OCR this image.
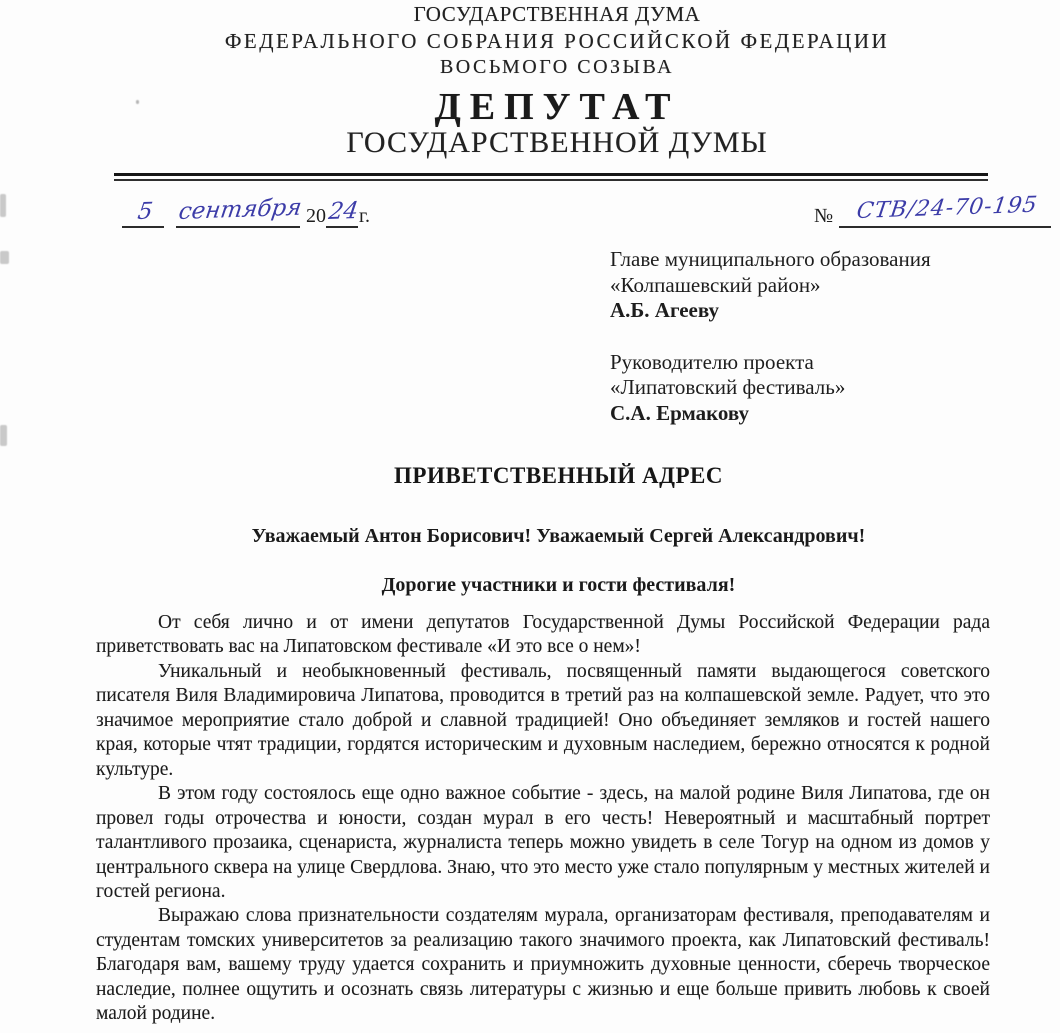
ГОСУДАРСТВЕННАЯ ДУМА
ФЕДЕРАЛЬНОГО СОБРАНИЯ РОССИЙСКОЙ ФЕДЕРАЦИИ
ВОСЬМОГО СОЗЫВА
ДЕПУТАТ
ГОСУДАРСТВЕННОЙ ДУМЫ
5 сентября 2024г.	№ СТВ/24-70-195
Главе муниципального образования
«Колпашевский район»
А.Б. Агееву
Руководителю проекта
«Липатовский фестиваль»
С.А. Ермакову
ПРИВЕТСТВЕННЫЙ АДРЕС
Уважаемый Антон Борисович! Уважаемый Сергей Александрович!
Дорогие участники и гости фестиваля!

От себя лично и от имени депутатов Государственной Думы Российской Федерации рада приветствовать вас на Липатовском фестивале «И это все о нем»!

Уникальный и необыкновенный фестиваль, посвященный памяти выдающегося советского писателя Виля Владимировича Липатова, проводится в третий раз на колпашевской земле. Радует, что это значимое мероприятие стало доброй и славной традицией! Оно объединяет земляков и гостей нашего края, которые чтят традиции, гордятся историческим и духовным наследием, бережно относятся к родной культуре.

В этом году состоялось еще одно важное событие - здесь, на малой родине Виля Липатова, где он провел годы отрочества и юности, создан мурал в его честь! Невероятный и масштабный портрет талантливого прозаика, сценариста, журналиста теперь можно увидеть в селе Тогур на одном из домов у центрального сквера на улице Свердлова. Знаю, что это место уже стало популярным у местных жителей и гостей региона.

Выражаю слова признательности создателям мурала, организаторам фестиваля, преподавателям и студентам томских университетов за реализацию такого значимого проекта, как Липатовский фестиваль! Благодаря вам, вашему труду удается сохранить и приумножить духовные ценности, сберечь творческое наследие, полнее ощутить и осознать связь литературы с жизнью и еще больше привить любовь к своей малой родине.
